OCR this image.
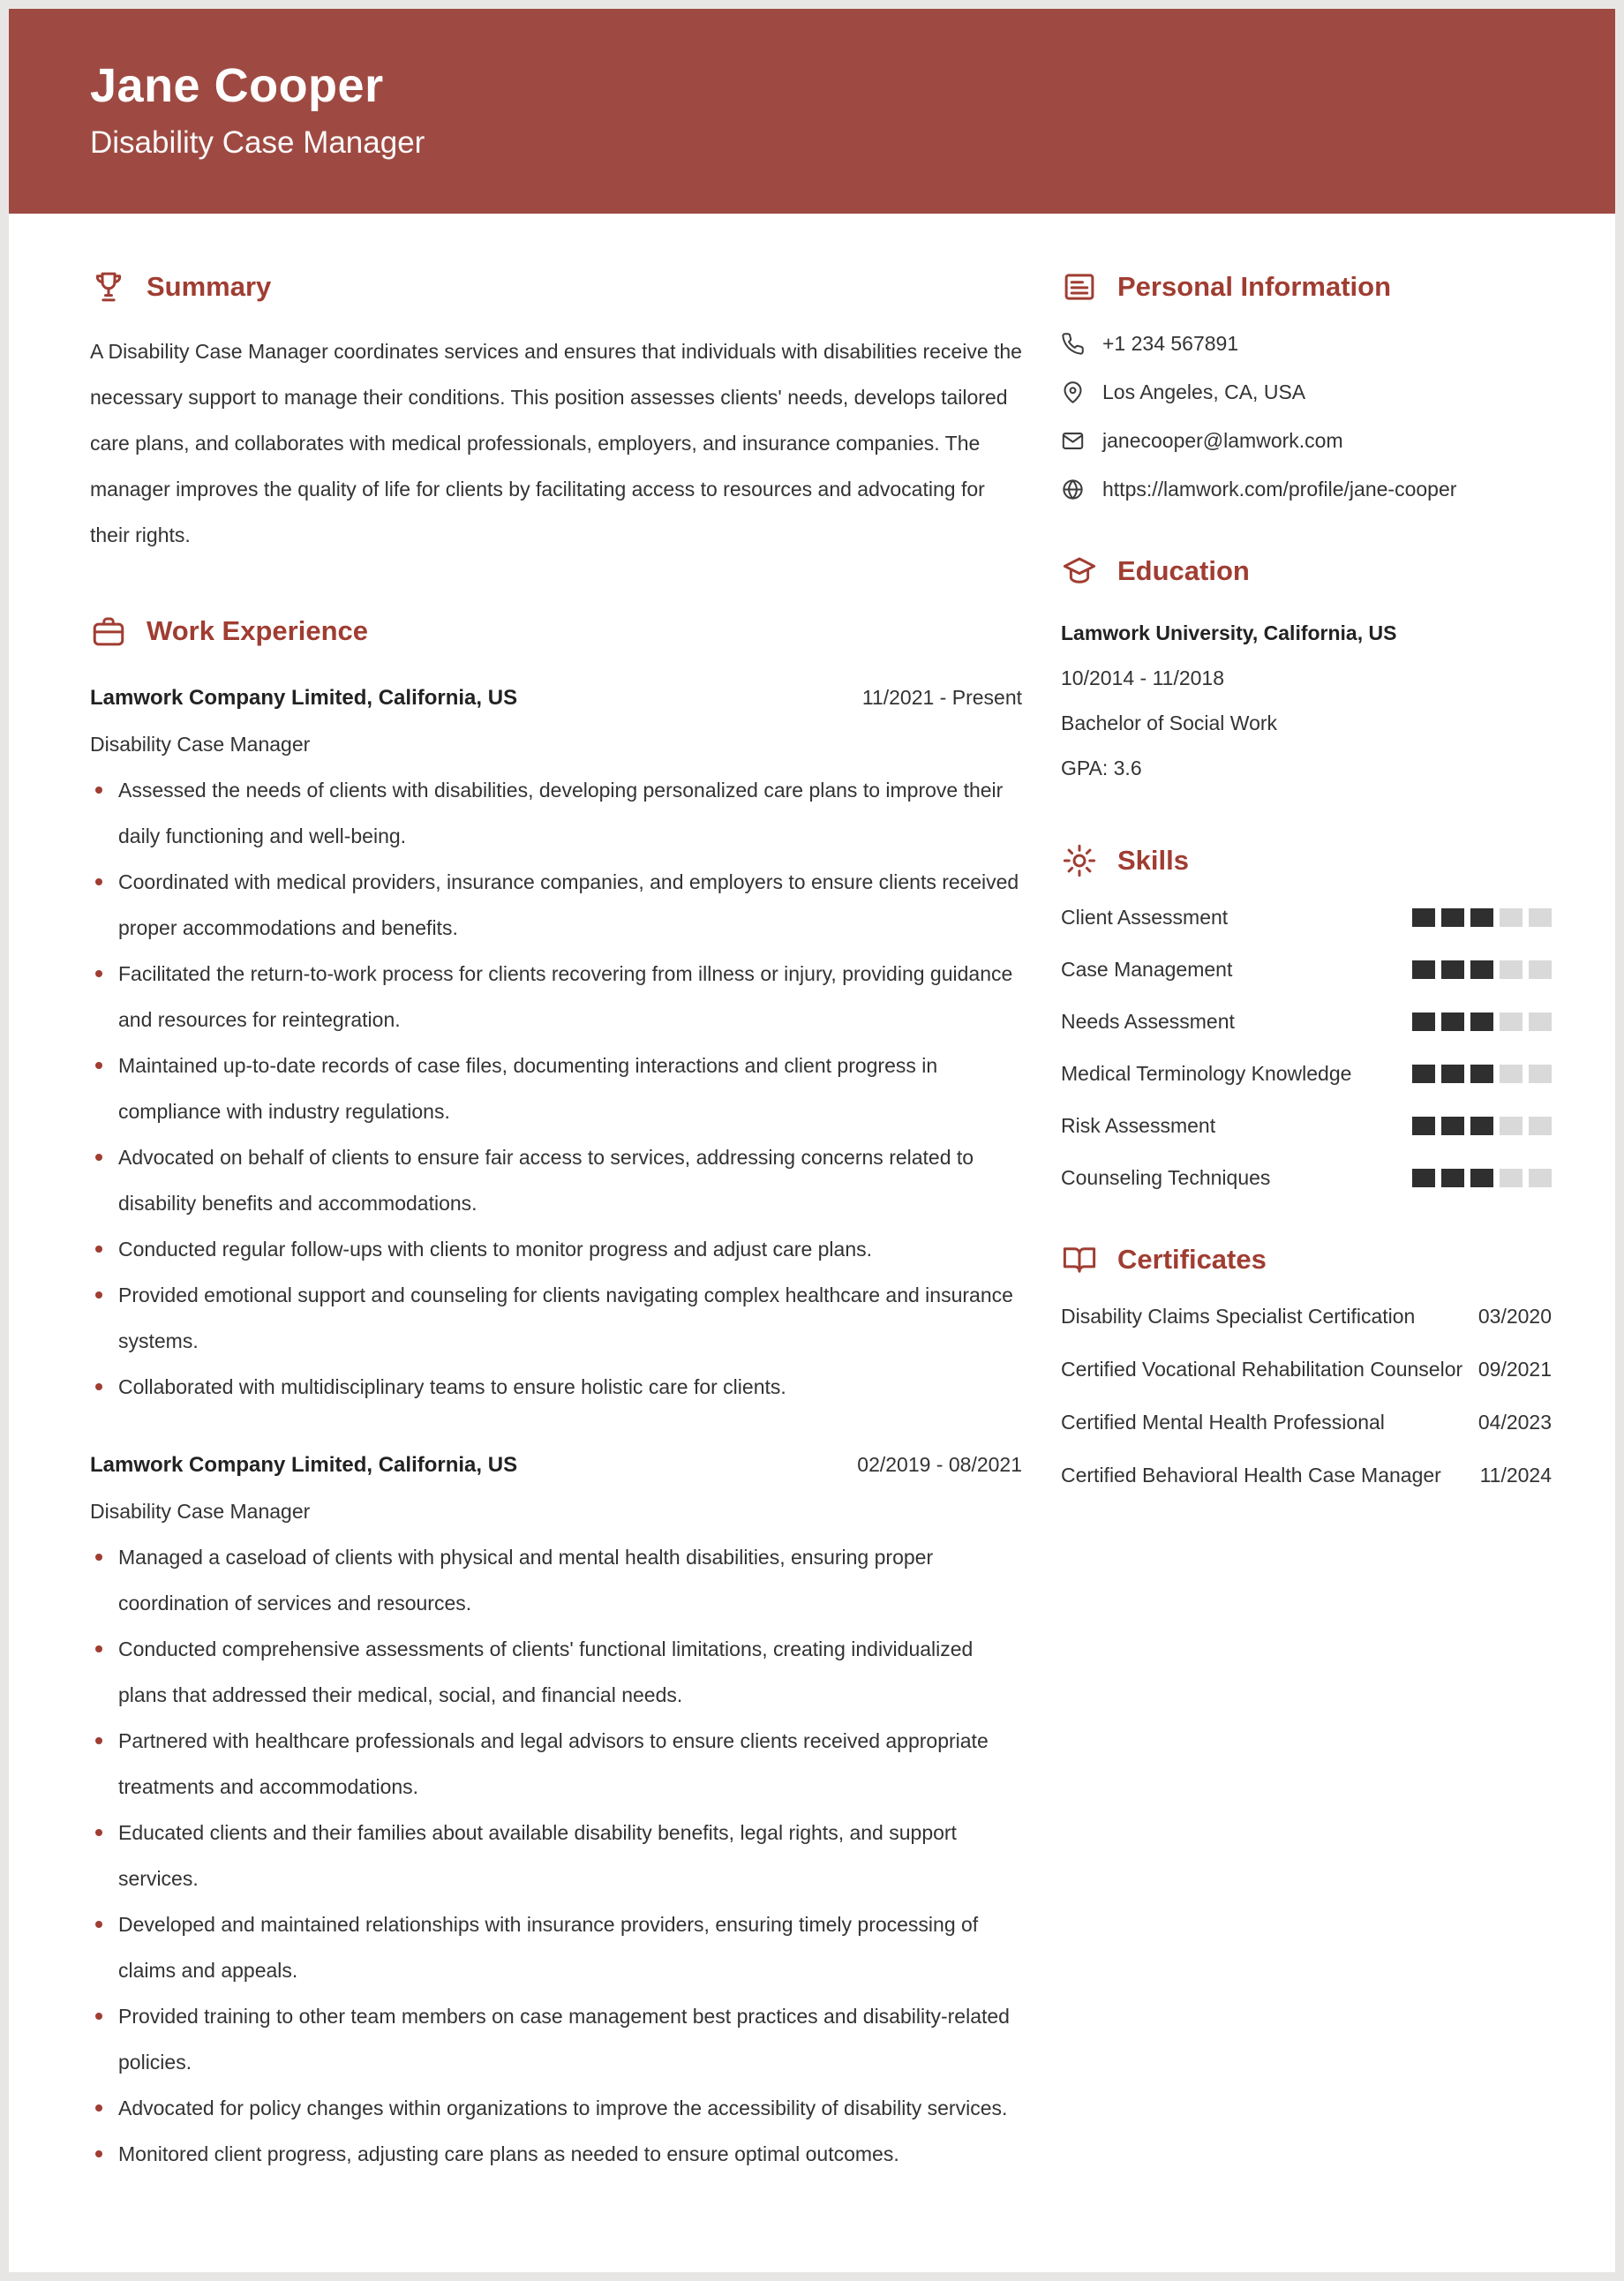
Jane Cooper
Disability Case Manager
Summary

A Disability Case Manager coordinates services and ensures that individuals with disabilities receive the necessary support to manage their conditions. This position assesses clients' needs, develops tailored care plans, and collaborates with medical professionals, employers, and insurance companies. The manager improves the quality of life for clients by facilitating access to resources and advocating for their rights.

Work Experience
Lamwork Company Limited, California, US	11/2021 - Present
Disability Case Manager
Assessed the needs of clients with disabilities, developing personalized care plans to improve their daily functioning and well-being.
Coordinated with medical providers, insurance companies, and employers to ensure clients received proper accommodations and benefits.
Facilitated the return-to-work process for clients recovering from illness or injury, providing guidance and resources for reintegration.
Maintained up-to-date records of case files, documenting interactions and client progress in compliance with industry regulations.
Advocated on behalf of clients to ensure fair access to services, addressing concerns related to disability benefits and accommodations.
Conducted regular follow-ups with clients to monitor progress and adjust care plans.
Provided emotional support and counseling for clients navigating complex healthcare and insurance systems.
Collaborated with multidisciplinary teams to ensure holistic care for clients.
Lamwork Company Limited, California, US	02/2019 - 08/2021
Disability Case Manager
Managed a caseload of clients with physical and mental health disabilities, ensuring proper coordination of services and resources.
Conducted comprehensive assessments of clients' functional limitations, creating individualized plans that addressed their medical, social, and financial needs.
Partnered with healthcare professionals and legal advisors to ensure clients received appropriate treatments and accommodations.
Educated clients and their families about available disability benefits, legal rights, and support services.
Developed and maintained relationships with insurance providers, ensuring timely processing of claims and appeals.
Provided training to other team members on case management best practices and disability-related policies.
Advocated for policy changes within organizations to improve the accessibility of disability services.
Monitored client progress, adjusting care plans as needed to ensure optimal outcomes.
Personal Information
+1 234 567891
Los Angeles, CA, USA
janecooper@lamwork.com
https://lamwork.com/profile/jane-cooper
Education
Lamwork University, California, US
10/2014 - 11/2018
Bachelor of Social Work
GPA: 3.6
Skills
Client Assessment
Case Management
Needs Assessment
Medical Terminology Knowledge
Risk Assessment
Counseling Techniques
Certificates
Disability Claims Specialist Certification	03/2020
Certified Vocational Rehabilitation Counselor 09/2021
Certified Mental Health Professional	04/2023
Certified Behavioral Health Case Manager 11/2024
